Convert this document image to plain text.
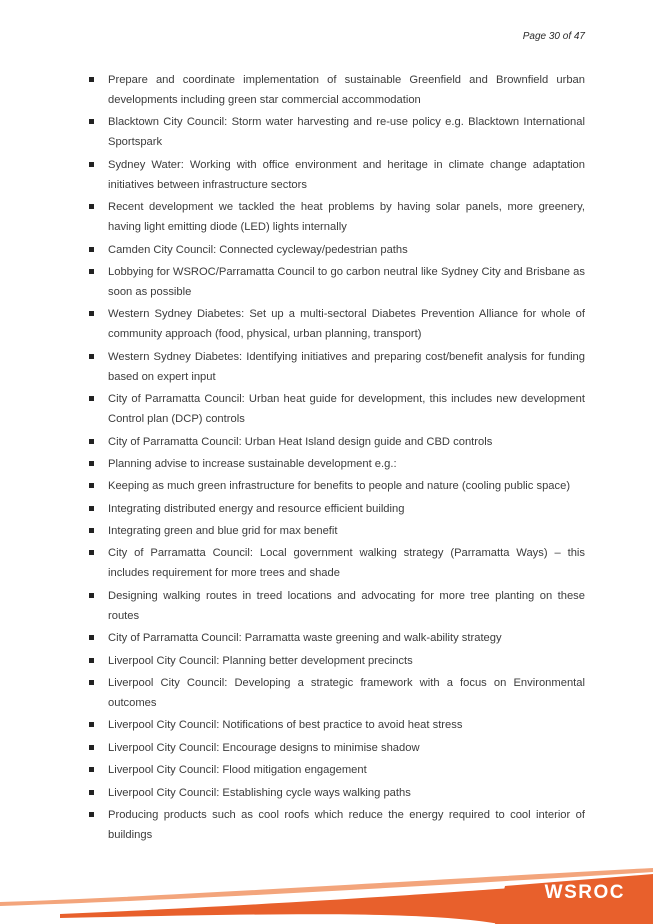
Page 30 of 47
Prepare and coordinate implementation of sustainable Greenfield and Brownfield urban developments including green star commercial accommodation
Blacktown City Council: Storm water harvesting and re-use policy e.g. Blacktown International Sportspark
Sydney Water: Working with office environment and heritage in climate change adaptation initiatives between infrastructure sectors
Recent development we tackled the heat problems by having solar panels, more greenery, having light emitting diode (LED) lights internally
Camden City Council: Connected cycleway/pedestrian paths
Lobbying for WSROC/Parramatta Council to go carbon neutral like Sydney City and Brisbane as soon as possible
Western Sydney Diabetes: Set up a multi-sectoral Diabetes Prevention Alliance for whole of community approach (food, physical, urban planning, transport)
Western Sydney Diabetes: Identifying initiatives and preparing cost/benefit analysis for funding based on expert input
City of Parramatta Council: Urban heat guide for development, this includes new development Control plan (DCP) controls
City of Parramatta Council: Urban Heat Island design guide and CBD controls
Planning advise to increase sustainable development e.g.:
Keeping as much green infrastructure for benefits to people and nature (cooling public space)
Integrating distributed energy and resource efficient building
Integrating green and blue grid for max benefit
City of Parramatta Council: Local government walking strategy (Parramatta Ways) – this includes requirement for more trees and shade
Designing walking routes in treed locations and advocating for more tree planting on these routes
City of Parramatta Council: Parramatta waste greening and walk-ability strategy
Liverpool City Council: Planning better development precincts
Liverpool City Council: Developing a strategic framework with a focus on Environmental outcomes
Liverpool City Council: Notifications of best practice to avoid heat stress
Liverpool City Council: Encourage designs to minimise shadow
Liverpool City Council: Flood mitigation engagement
Liverpool City Council: Establishing cycle ways walking paths
Producing products such as cool roofs which reduce the energy required to cool interior of buildings
WSROC
